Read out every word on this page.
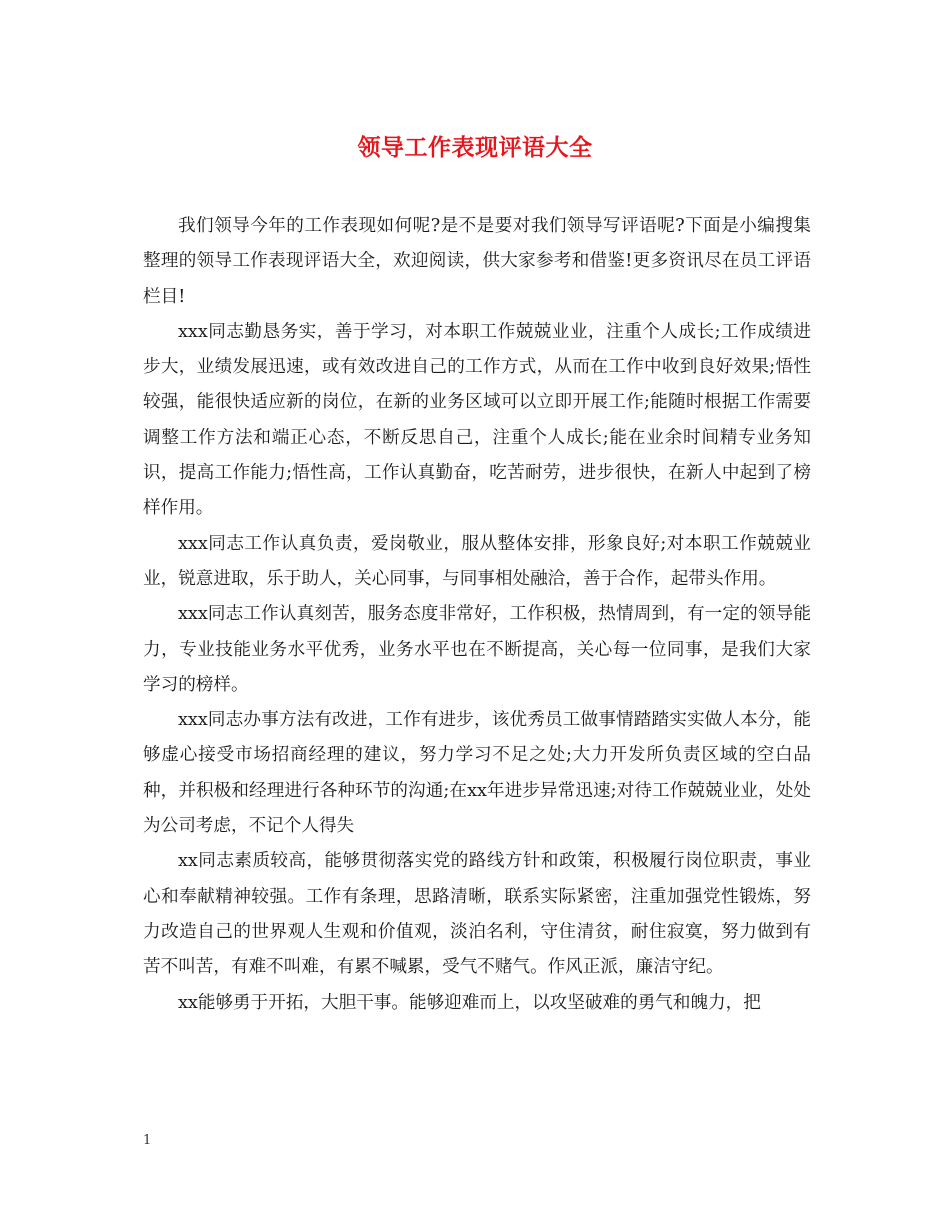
领导工作表现评语大全

我们领导今年的工作表现如何呢?是不是要对我们领导写评语呢?下面是小编搜集整理的领导工作表现评语大全，欢迎阅读，供大家参考和借鉴!更多资讯尽在员工评语栏目!

xxx同志勤恳务实，善于学习，对本职工作兢兢业业，注重个人成长;工作成绩进步大，业绩发展迅速，或有效改进自己的工作方式，从而在工作中收到良好效果;悟性较强，能很快适应新的岗位，在新的业务区域可以立即开展工作;能随时根据工作需要调整工作方法和端正心态，不断反思自己，注重个人成长;能在业余时间精专业务知识，提高工作能力;悟性高，工作认真勤奋，吃苦耐劳，进步很快，在新人中起到了榜样作用。

xxx同志工作认真负责，爱岗敬业，服从整体安排，形象良好;对本职工作兢兢业业，锐意进取，乐于助人，关心同事，与同事相处融洽，善于合作，起带头作用。

xxx同志工作认真刻苦，服务态度非常好，工作积极，热情周到，有一定的领导能力，专业技能业务水平优秀，业务水平也在不断提高，关心每一位同事，是我们大家学习的榜样。

xxx同志办事方法有改进，工作有进步，该优秀员工做事情踏踏实实做人本分，能够虚心接受市场招商经理的建议，努力学习不足之处;大力开发所负责区域的空白品种，并积极和经理进行各种环节的沟通;在xx年进步异常迅速;对待工作兢兢业业，处处为公司考虑，不记个人得失

xx同志素质较高，能够贯彻落实党的路线方针和政策，积极履行岗位职责，事业心和奉献精神较强。工作有条理，思路清晰，联系实际紧密，注重加强党性锻炼，努力改造自己的世界观人生观和价值观，淡泊名利，守住清贫，耐住寂寞，努力做到有苦不叫苦，有难不叫难，有累不喊累，受气不赌气。作风正派，廉洁守纪。

xx能够勇于开拓，大胆干事。能够迎难而上，以攻坚破难的勇气和魄力，把

1
